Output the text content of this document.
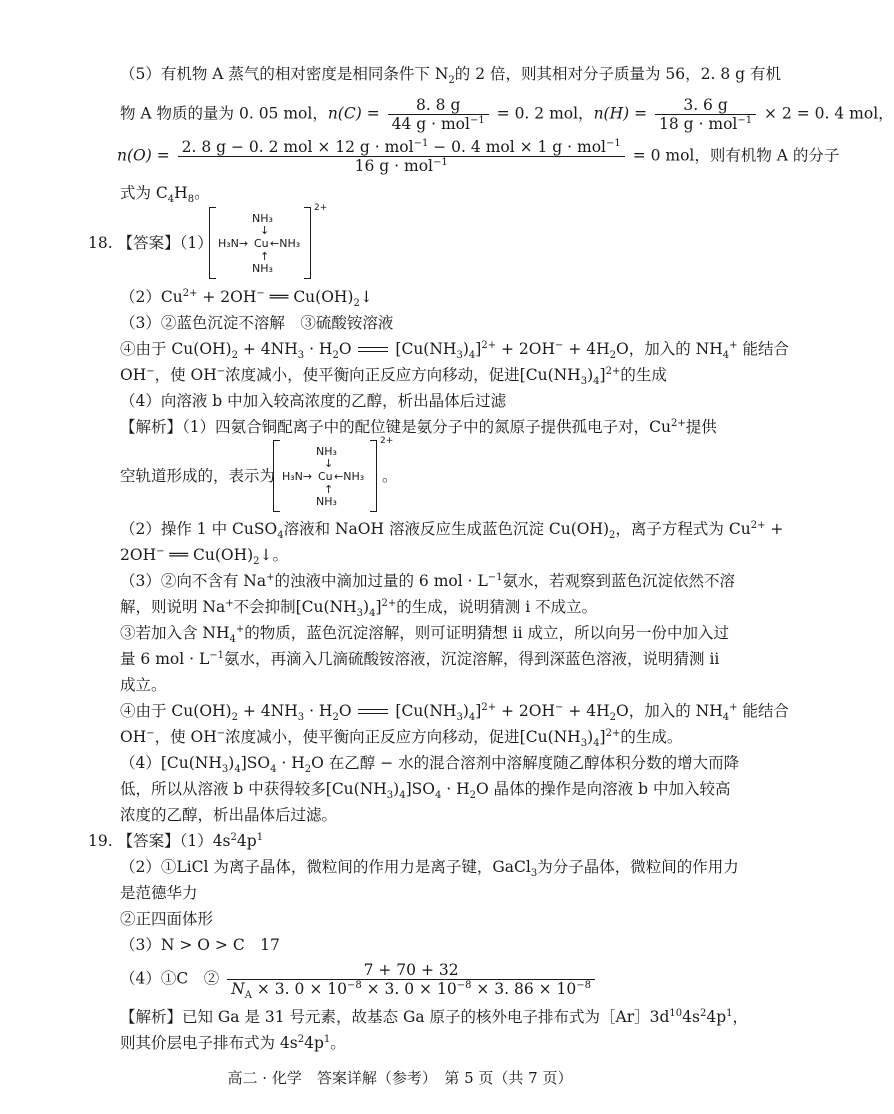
（5）有机物 A 蒸气的相对密度是相同条件下 $N_2$的 2 倍，则其相对分子质量为 56，2. 8 g 有机
物 A 物质的量为 0. 05 mol，$n(C) = \frac{8. 8 g}{44 g \cdot mol^{-1}} = 0$. 2 mol，$n(H) = \frac{3. 6 g}{18 g \cdot mol^{-1}} \times 2 = 0$. 4 mol，
$n(O) = \frac{2. 8 g - 0. 2 mol \times 12 g \cdot mol^{-1} - 0. 4 mol \times 1 g \cdot mol^{-1}}{16 g \cdot mol^{-1}} = 0$ mol，则有机物 A 的分子
式为 $C_4H_8$。
18. 【答案】（1）
NH₃
↓
H₃N→ Cu ←NH₃
↑
NH₃
2+
$(2)Cu^{2+} + 2OH^-$ ══ $Cu(OH)_2↓$
（3）②蓝色沉淀不溶解　③硫酸铵溶液
④由于 $Cu(OH)_2 + 4NH_3 \cdot H_2O$	$[Cu(NH_3)_4]^{2+} + 2OH^- + 4H_2O$，加入的 $NH_4^+$ 能结合
OH−，使 OH−浓度减小，使平衡向正反应方向移动，促进$[Cu(NH_3)_4]^{2+}$的生成
（4）向溶液 b 中加入较高浓度的乙醇，析出晶体后过滤
【解析】（1）四氨合铜配离子中的配位键是氨分子中的氮原子提供孤电子对，$Cu^{2+}$提供
空轨道形成的，表示为
NH₃
↓
H₃N→ Cu ←NH₃
↑
NH₃
2+
。
（2）操作 1 中 CuSO$_4$溶液和 NaOH 溶液反应生成蓝色沉淀 $Cu(OH)_2$，离子方程式为 $Cu^{2+}$ +
2OH− ══ $Cu(OH)_2↓$。
（3）②向不含有 Na+的浊液中滴加过量的 6 mol · $L^{-1}$氨水，若观察到蓝色沉淀依然不溶
解，则说明 Na+不会抑制$[Cu(NH_3)_4]^{2+}$的生成，说明猜测 i 不成立。
③若加入含 $NH_4^+$的物质，蓝色沉淀溶解，则可证明猜想 ii 成立，所以向另一份中加入过
量 6 mol · $L^{-1}$氨水，再滴入几滴硫酸铵溶液，沉淀溶解，得到深蓝色溶液，说明猜测 ii
成立。
④由于 $Cu(OH)_2 + 4NH_3 \cdot H_2O$	$[Cu(NH_3)_4]^{2+} + 2OH^- + 4H_2O$，加入的 $NH_4^+$ 能结合
OH−，使 OH−浓度减小，使平衡向正反应方向移动，促进$[Cu(NH_3)_4]^{2+}$的生成。
$(4)[Cu(NH_3)_4]SO_4 \cdot H_2O$ 在乙醇 − 水的混合溶剂中溶解度随乙醇体积分数的增大而降
低，所以从溶液 b 中获得较多$[Cu(NH_3)_4]SO_4 \cdot H_2O$ 晶体的操作是向溶液 b 中加入较高
浓度的乙醇，析出晶体后过滤。
19. 【答案】$(1)4s^24p^1$
（2）①LiCl 为离子晶体，微粒间的作用力是离子键，GaCl$_3$为分子晶体，微粒间的作用力
是范德华力
②正四面体形
（3）N > O > C　17
（4）①C　② $\frac{7 + 70 + 32}{N_A \times 3. 0 \times 10^{-8} \times 3. 0 \times 10^{-8} \times 3. 86 \times 10^{-8}}$
【解析】已知 Ga 是 31 号元素，故基态 Ga 原子的核外电子排布式为$[Ar]3d^{10}4s^24p^1$，
则其价层电子排布式为 $4s^24p^1$。
高二 · 化学　答案详解（参考）　第 5 页（共 7 页）
